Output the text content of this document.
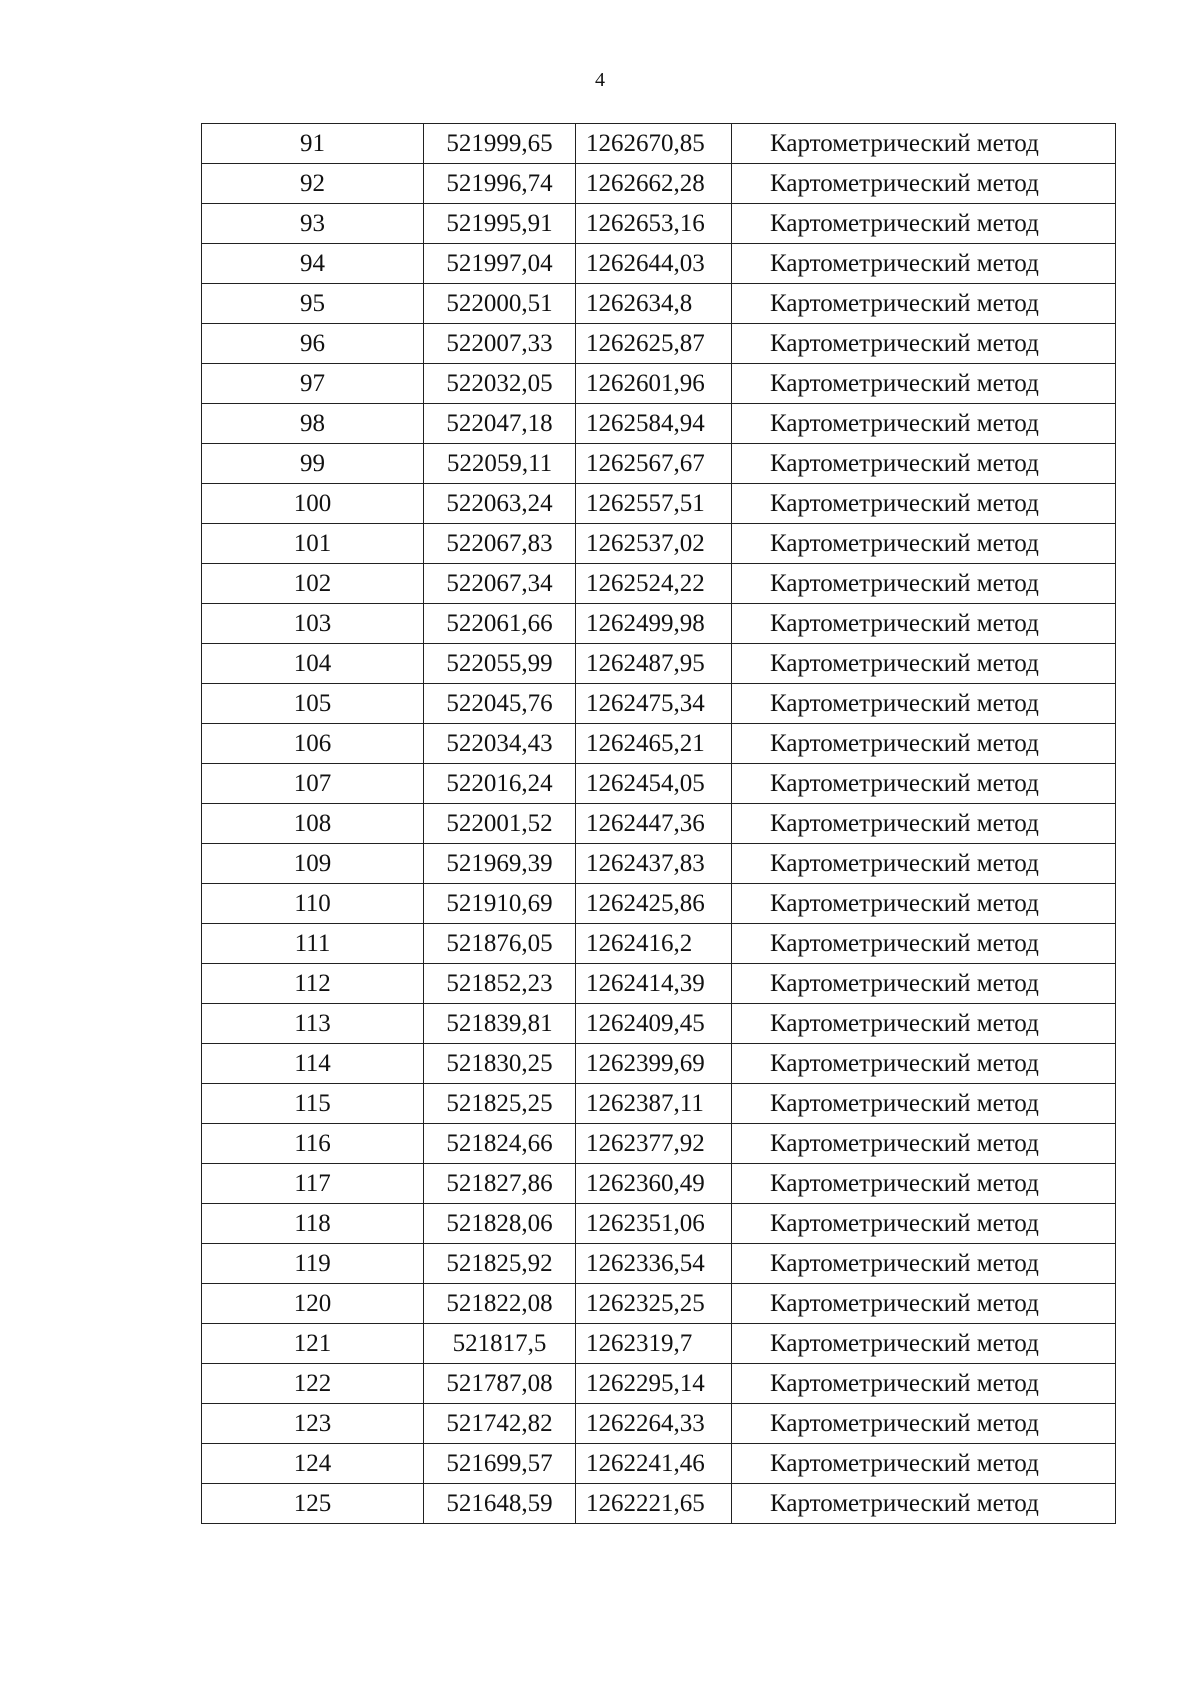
4
91	521999,65	1262670,85	Картометрический метод
92	521996,74	1262662,28	Картометрический метод
93	521995,91	1262653,16	Картометрический метод
94	521997,04	1262644,03	Картометрический метод
95	522000,51	1262634,8	Картометрический метод
96	522007,33	1262625,87	Картометрический метод
97	522032,05	1262601,96	Картометрический метод
98	522047,18	1262584,94	Картометрический метод
99	522059,11	1262567,67	Картометрический метод
100	522063,24	1262557,51	Картометрический метод
101	522067,83	1262537,02	Картометрический метод
102	522067,34	1262524,22	Картометрический метод
103	522061,66	1262499,98	Картометрический метод
104	522055,99	1262487,95	Картометрический метод
105	522045,76	1262475,34	Картометрический метод
106	522034,43	1262465,21	Картометрический метод
107	522016,24	1262454,05	Картометрический метод
108	522001,52	1262447,36	Картометрический метод
109	521969,39	1262437,83	Картометрический метод
110	521910,69	1262425,86	Картометрический метод
111	521876,05	1262416,2	Картометрический метод
112	521852,23	1262414,39	Картометрический метод
113	521839,81	1262409,45	Картометрический метод
114	521830,25	1262399,69	Картометрический метод
115	521825,25	1262387,11	Картометрический метод
116	521824,66	1262377,92	Картометрический метод
117	521827,86	1262360,49	Картометрический метод
118	521828,06	1262351,06	Картометрический метод
119	521825,92	1262336,54	Картометрический метод
120	521822,08	1262325,25	Картометрический метод
121	521817,5	1262319,7	Картометрический метод
122	521787,08	1262295,14	Картометрический метод
123	521742,82	1262264,33	Картометрический метод
124	521699,57	1262241,46	Картометрический метод
125	521648,59	1262221,65	Картометрический метод
